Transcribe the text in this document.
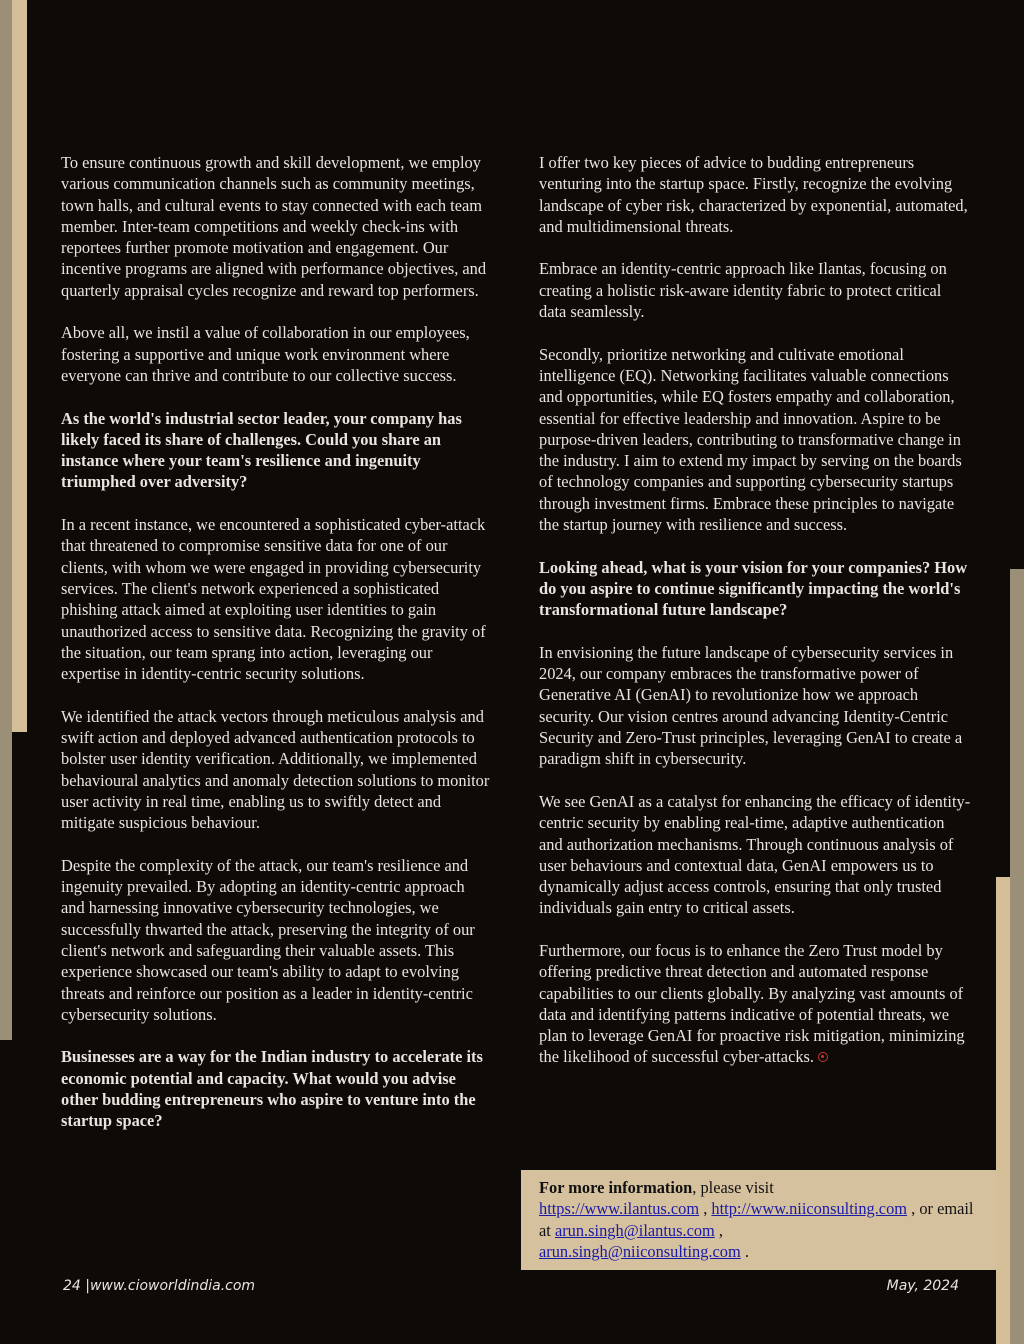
To ensure continuous growth and skill development, we employ various communication channels such as community meetings, town halls, and cultural events to stay connected with each team member. Inter-team competitions and weekly check-ins with reportees further promote motivation and engagement. Our incentive programs are aligned with performance objectives, and quarterly appraisal cycles recognize and reward top performers.

Above all, we instil a value of collaboration in our employees, fostering a supportive and unique work environment where everyone can thrive and contribute to our collective success.

As the world's industrial sector leader, your company has likely faced its share of challenges. Could you share an instance where your team's resilience and ingenuity triumphed over adversity?

In a recent instance, we encountered a sophisticated cyber-attack that threatened to compromise sensitive data for one of our clients, with whom we were engaged in providing cybersecurity services. The client's network experienced a sophisticated phishing attack aimed at exploiting user identities to gain unauthorized access to sensitive data. Recognizing the gravity of the situation, our team sprang into action, leveraging our expertise in identity-centric security solutions.

We identified the attack vectors through meticulous analysis and swift action and deployed advanced authentication protocols to bolster user identity verification. Additionally, we implemented behavioural analytics and anomaly detection solutions to monitor user activity in real time, enabling us to swiftly detect and mitigate suspicious behaviour.

Despite the complexity of the attack, our team's resilience and ingenuity prevailed. By adopting an identity-centric approach and harnessing innovative cybersecurity technologies, we successfully thwarted the attack, preserving the integrity of our client's network and safeguarding their valuable assets. This experience showcased our team's ability to adapt to evolving threats and reinforce our position as a leader in identity-centric cybersecurity solutions.

Businesses are a way for the Indian industry to accelerate its economic potential and capacity. What would you advise other budding entrepreneurs who aspire to venture into the startup space?

I offer two key pieces of advice to budding entrepreneurs venturing into the startup space. Firstly, recognize the evolving landscape of cyber risk, characterized by exponential, automated, and multidimensional threats.

Embrace an identity-centric approach like Ilantas, focusing on creating a holistic risk-aware identity fabric to protect critical data seamlessly.

Secondly, prioritize networking and cultivate emotional intelligence (EQ). Networking facilitates valuable connections and opportunities, while EQ fosters empathy and collaboration, essential for effective leadership and innovation. Aspire to be purpose-driven leaders, contributing to transformative change in the industry. I aim to extend my impact by serving on the boards of technology companies and supporting cybersecurity startups through investment firms. Embrace these principles to navigate the startup journey with resilience and success.

Looking ahead, what is your vision for your companies? How do you aspire to continue significantly impacting the world's transformational future landscape?

In envisioning the future landscape of cybersecurity services in 2024, our company embraces the transformative power of Generative AI (GenAI) to revolutionize how we approach security. Our vision centres around advancing Identity-Centric Security and Zero-Trust principles, leveraging GenAI to create a paradigm shift in cybersecurity.

We see GenAI as a catalyst for enhancing the efficacy of identity-centric security by enabling real-time, adaptive authentication and authorization mechanisms. Through continuous analysis of user behaviours and contextual data, GenAI empowers us to dynamically adjust access controls, ensuring that only trusted individuals gain entry to critical assets.

Furthermore, our focus is to enhance the Zero Trust model by offering predictive threat detection and automated response capabilities to our clients globally. By analyzing vast amounts of data and identifying patterns indicative of potential threats, we plan to leverage GenAI for proactive risk mitigation, minimizing the likelihood of successful cyber-attacks.

For more information, please visit
https://www.ilantus.com , http://www.niiconsulting.com , or email at arun.singh@ilantus.com ,
arun.singh@niiconsulting.com .
24 |www.cioworldindia.com	May, 2024
